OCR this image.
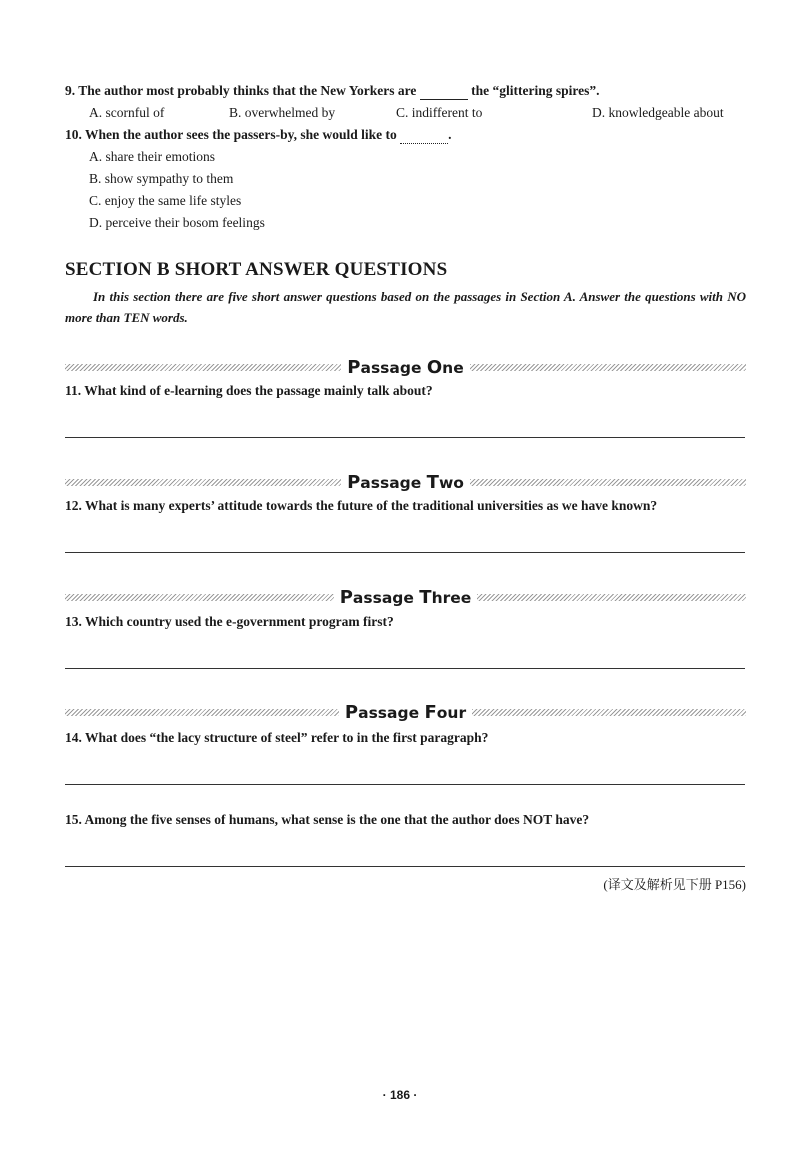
9. The author most probably thinks that the New Yorkers are	the “glittering spires”.
A. scornful of	B. overwhelmed by	C. indifferent to	D. knowledgeable about
10. When the author sees the passers-by, she would like to	.
A. share their emotions
B. show sympathy to them
C. enjoy the same life styles
D. perceive their bosom feelings
SECTION B SHORT ANSWER QUESTIONS
In this section there are five short answer questions based on the passages in Section A. Answer the questions with NO more than TEN words.
Passage One
11. What kind of e-learning does the passage mainly talk about?
Passage Two
12. What is many experts’ attitude towards the future of the traditional universities as we have known?
Passage Three
13. Which country used the e-government program first?
Passage Four
14. What does “the lacy structure of steel” refer to in the first paragraph?
15. Among the five senses of humans, what sense is the one that the author does NOT have?
(译文及解析见下册 P156)
· 186 ·
